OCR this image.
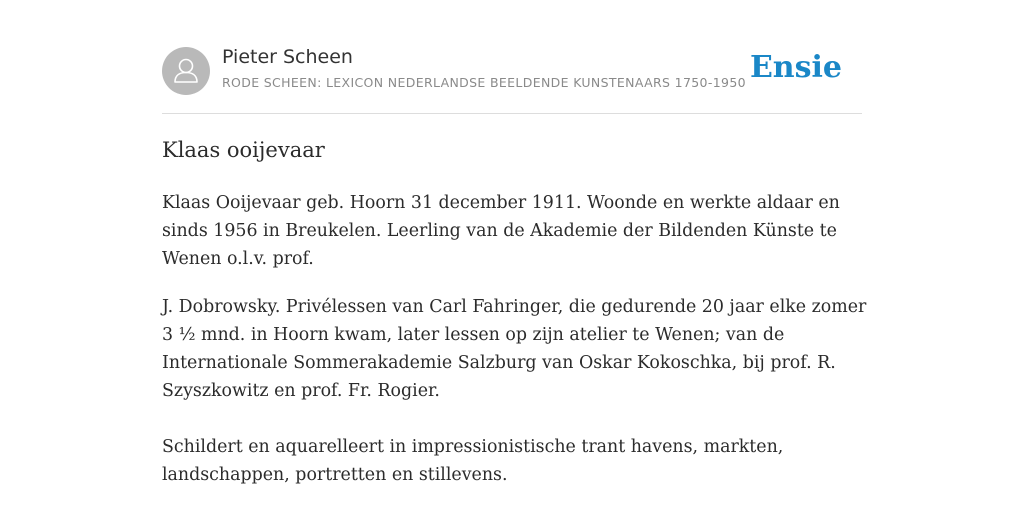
Pieter Scheen
RODE SCHEEN: LEXICON NEDERLANDSE BEELDENDE KUNSTENAARS 1750-1950 Ensie
Klaas ooijevaar

Klaas Ooijevaar geb. Hoorn 31 december 1911. Woonde en werkte aldaar en sinds 1956 in Breukelen. Leerling van de Akademie der Bildenden Künste te Wenen o.l.v. prof.

J. Dobrowsky. Privélessen van Carl Fahringer, die gedurende 20 jaar elke zomer 3 ½ mnd. in Hoorn kwam, later lessen op zijn atelier te Wenen; van de Internationale Sommerakademie Salzburg van Oskar Kokoschka, bij prof. R. Szyszkowitz en prof. Fr. Rogier.

Schildert en aquarelleert in impressionistische trant havens, markten, landschappen, portretten en stillevens.
